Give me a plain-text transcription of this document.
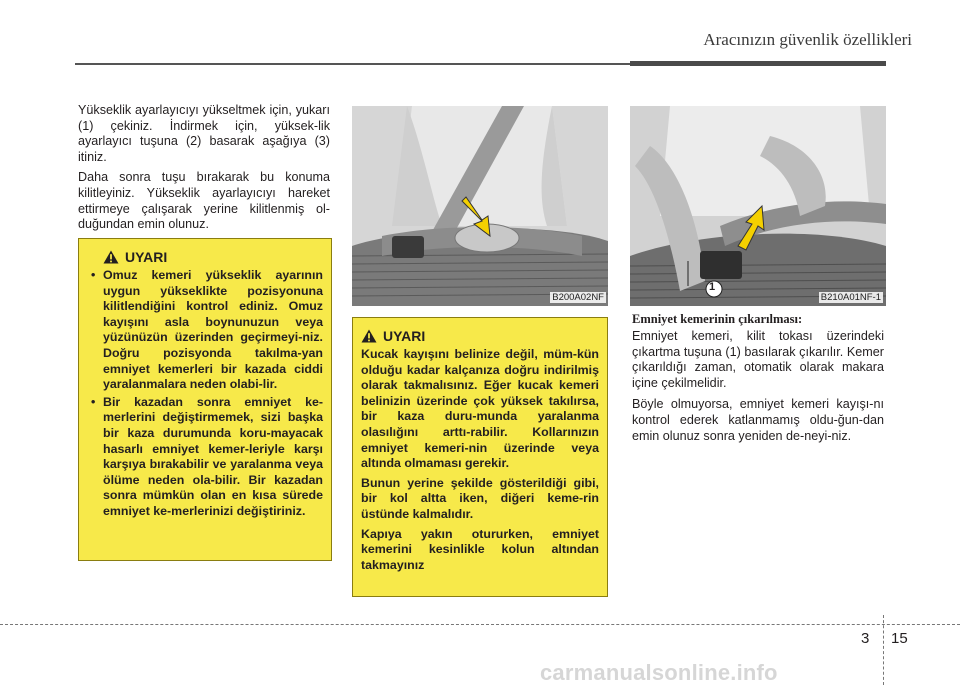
Aracınızın güvenlik özellikleri

Yükseklik ayarlayıcıyı yükseltmek için, yukarı (1) çekiniz. İndirmek için, yüksek-lik ayarlayıcı tuşuna (2) basarak aşağıya (3) itiniz.

Daha sonra tuşu bırakarak bu konuma kilitleyiniz. Yükseklik ayarlayıcıyı hareket ettirmeye çalışarak yerine kilitlenmiş ol-duğundan emin olunuz.

UYARI
• Omuz kemeri yükseklik ayarının uygun yükseklikte pozisyonuna kilitlendiğini kontrol ediniz. Omuz kayışını asla boynunuzun veya yüzünüzün üzerinden geçirmeyi-niz. Doğru pozisyonda takılma-yan emniyet kemerleri bir kazada ciddi yaralanmalara neden olabi-lir.
• Bir kazadan sonra emniyet ke-merlerini değiştirmemek, sizi başka bir kaza durumunda koru-mayacak hasarlı emniyet kemer-leriyle karşı karşıya bırakabilir ve yaralanma veya ölüme neden ola-bilir. Bir kazadan sonra mümkün olan en kısa sürede emniyet ke-merlerinizi değiştiriniz.
B200A02NF
1
B210A01NF-1
UYARI

Kucak kayışını belinize değil, müm-kün olduğu kadar kalçanıza doğru indirilmiş olarak takmalısınız. Eğer kucak kemeri belinizin üzerinde çok yüksek takılırsa, bir kaza duru-munda yaralanma olasılığını arttı-rabilir. Kollarınızın emniyet kemeri-nin üzerinde veya altında olmaması gerekir.

Bunun yerine şekilde gösterildiği gibi, bir kol altta iken, diğeri keme-rin üstünde kalmalıdır.

Kapıya yakın otururken, emniyet kemerini kesinlikle kolun altından takmayınız

Emniyet kemerinin çıkarılması:

Emniyet kemeri, kilit tokası üzerindeki çıkartma tuşuna (1) basılarak çıkarılır. Kemer çıkarıldığı zaman, otomatik olarak makara içine çekilmelidir.

Böyle olmuyorsa, emniyet kemeri kayışı-nı kontrol ederek katlanmamış oldu-ğun-dan emin olunuz sonra yeniden de-neyi-niz.

3 15
carmanualsonline.info
